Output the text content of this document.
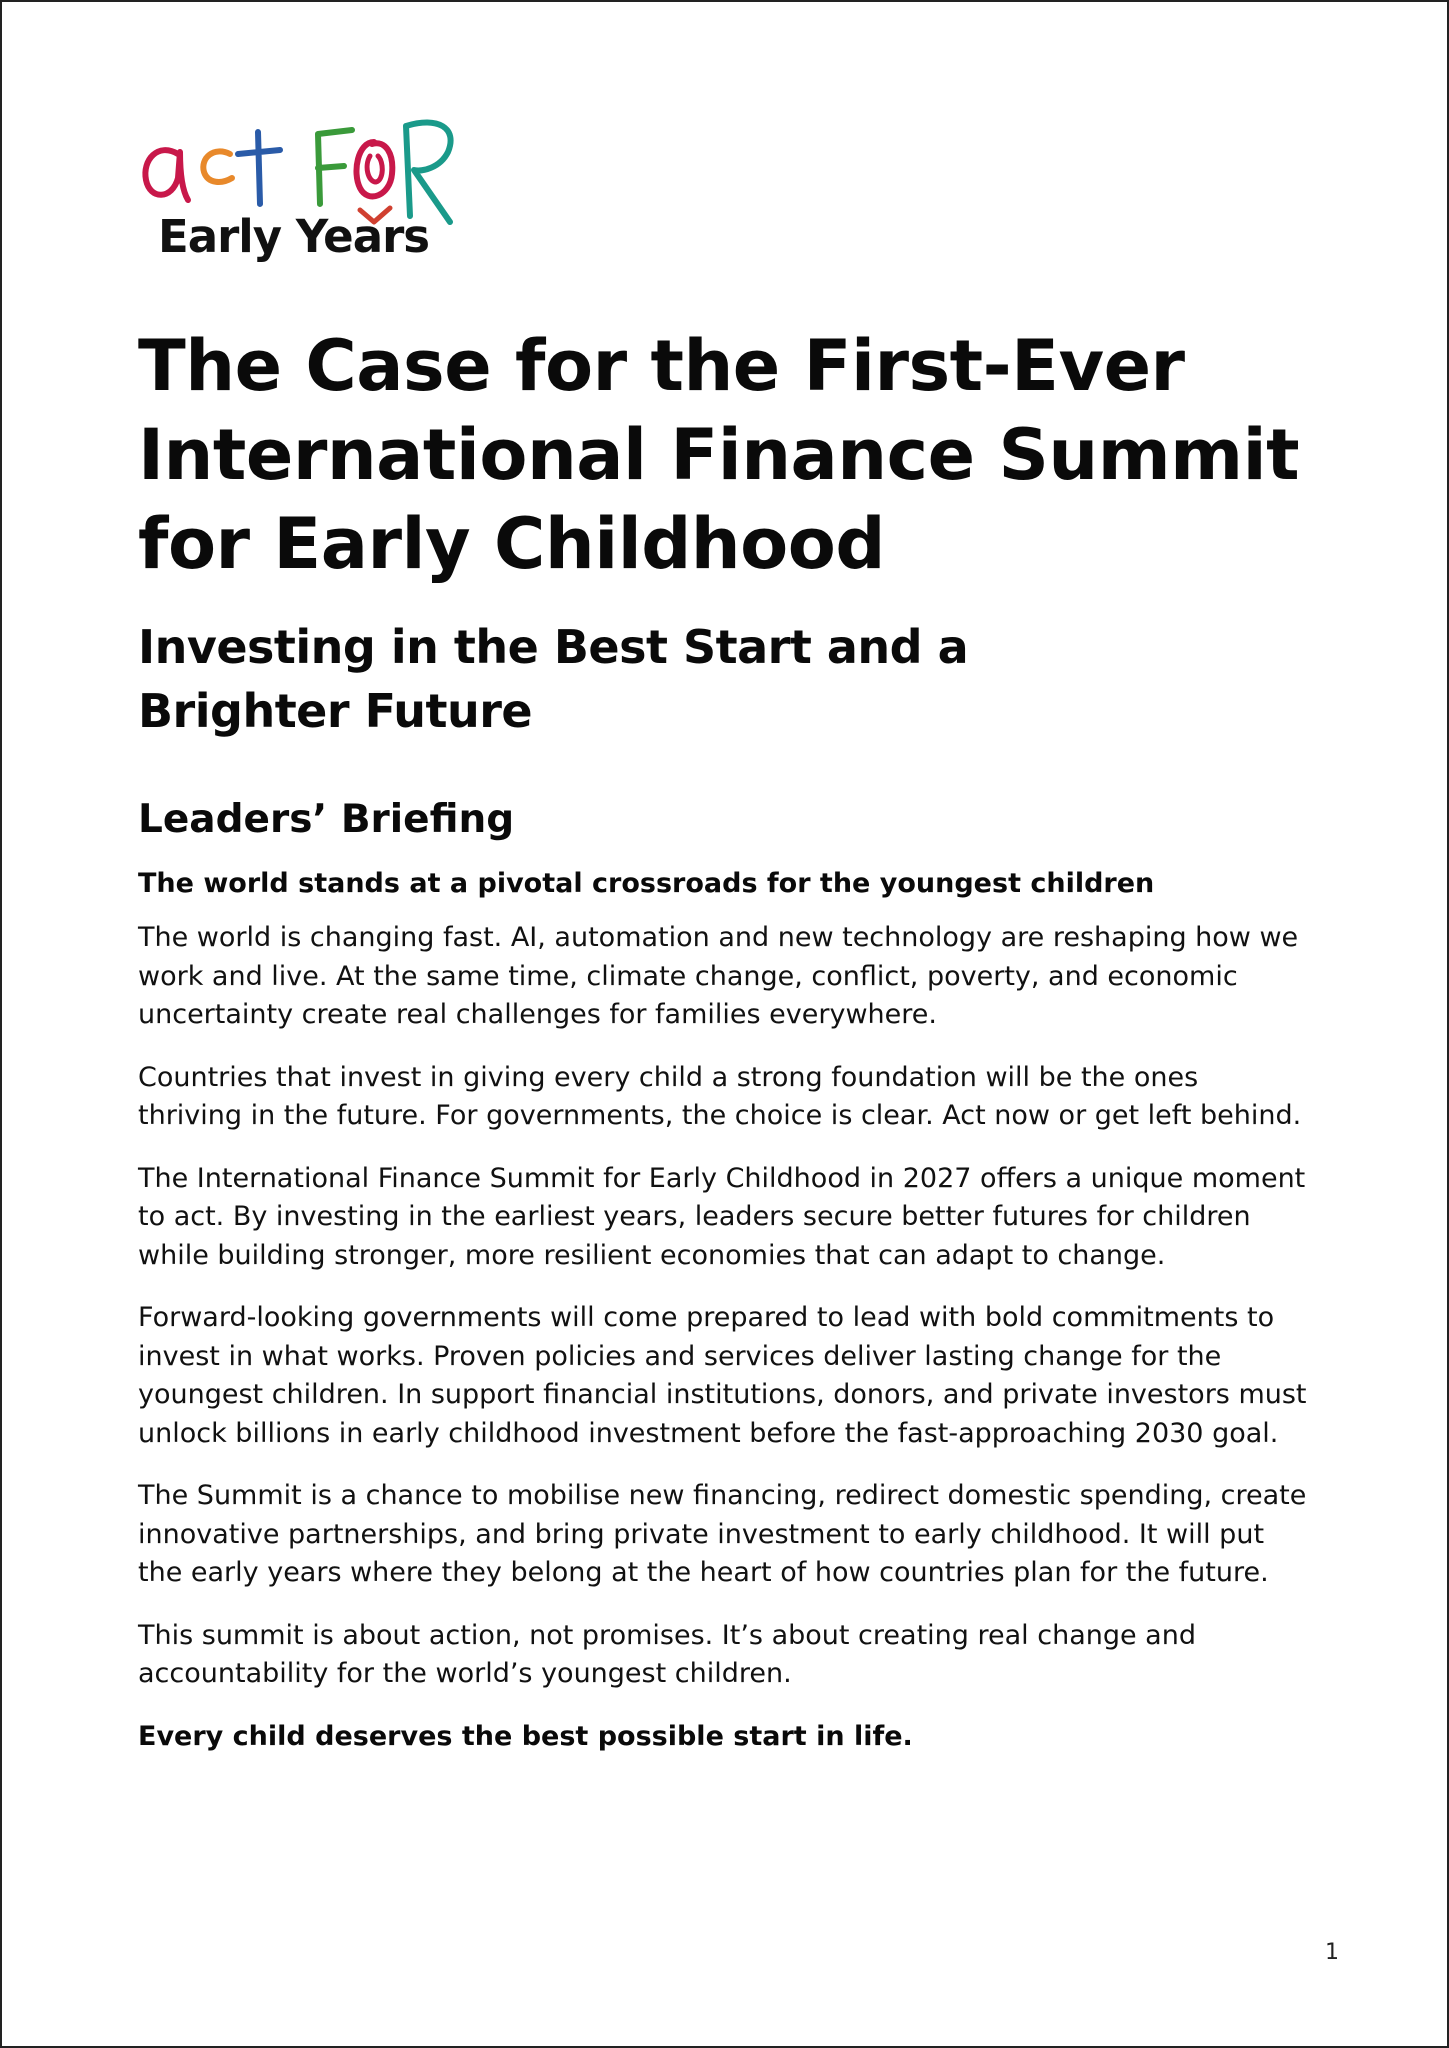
Early Years
The Case for the First-Ever International Finance Summit for Early Childhood
Investing in the Best Start and a Brighter Future
Leaders’ Briefing

The world stands at a pivotal crossroads for the youngest children

The world is changing fast. AI, automation and new technology are reshaping how we work and live. At the same time, climate change, conflict, poverty, and economic uncertainty create real challenges for families everywhere.

Countries that invest in giving every child a strong foundation will be the ones thriving in the future. For governments, the choice is clear. Act now or get left behind.

The International Finance Summit for Early Childhood in 2027 offers a unique moment to act. By investing in the earliest years, leaders secure better futures for children while building stronger, more resilient economies that can adapt to change.

Forward-looking governments will come prepared to lead with bold commitments to invest in what works. Proven policies and services deliver lasting change for the youngest children. In support financial institutions, donors, and private investors must unlock billions in early childhood investment before the fast-approaching 2030 goal.

The Summit is a chance to mobilise new financing, redirect domestic spending, create innovative partnerships, and bring private investment to early childhood. It will put the early years where they belong at the heart of how countries plan for the future.

This summit is about action, not promises. It’s about creating real change and accountability for the world’s youngest children.

Every child deserves the best possible start in life.

1
